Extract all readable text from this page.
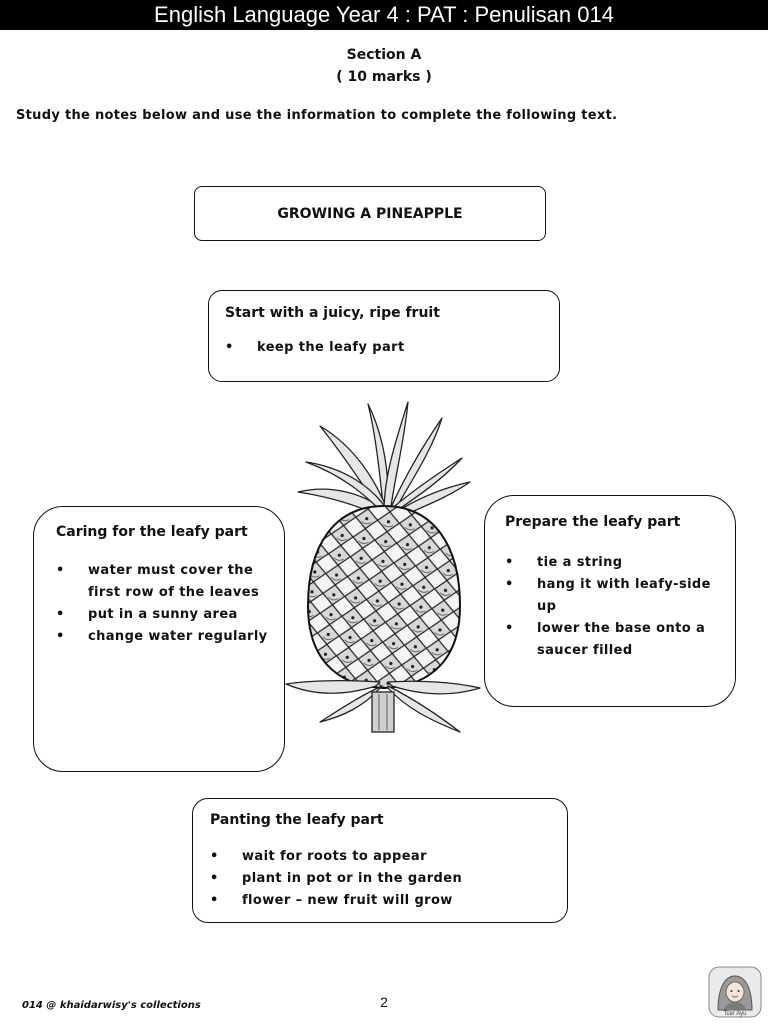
English Language Year 4 : PAT : Penulisan 014
Section A
( 10 marks )
Study the notes below and use the information to complete the following text.
GROWING A PINEAPPLE
Start with a juicy, ripe fruit
• keep the leafy part
Caring for the leafy part
• water must cover the first row of the leaves
• put in a sunny area
• change water regularly
Prepare the leafy part
• tie a string
• hang it with leafy-side up
• lower the base onto a saucer filled
Panting the leafy part
• wait for roots to appear
• plant in pot or in the garden
• flower – new fruit will grow
014 @ khaidarwisy's collections	2
Tcer Ayu
